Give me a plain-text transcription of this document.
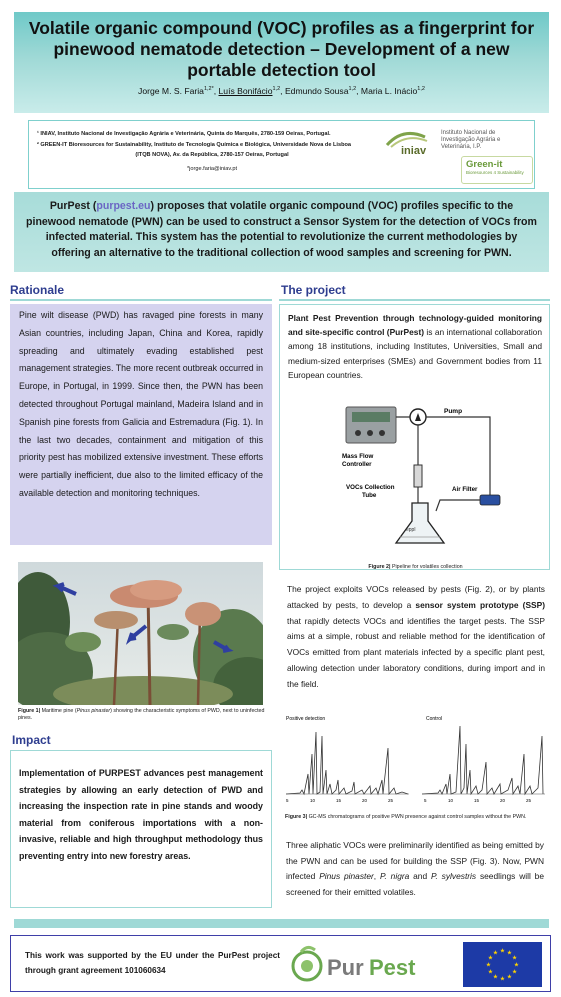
Volatile organic compound (VOC) profiles as a fingerprint for pinewood nematode detection – Development of a new portable detection tool
Jorge M. S. Faria$^{1,2*}$, Luís Bonifácio$^{1,2}$, Edmundo Sousa$^{1,2}$, Maria L. Inácio$^{1,2}$
¹ INIAV, Instituto Nacional de Investigação Agrária e Veterinária, Quinta do Marquês, 2780-159 Oeiras, Portugal.
² GREEN-IT Bioresources for Sustainability, Instituto de Tecnologia Química e Biológica, Universidade Nova de Lisboa
(ITQB NOVA), Av. da República, 2780-157 Oeiras, Portugal
*jorge.faria@iniav.pt
iniav
Instituto Nacional de
Investigação Agrária e
Veterinária, I.P.
Green-it
Bioresources 4 Sustainability
PurPest (purpest.eu) proposes that volatile organic compound (VOC) profiles specific to the pinewood nematode (PWN) can be used to construct a Sensor System for the detection of VOCs from infected material. This system has the potential to revolutionize the current methodologies by offering an alternative to the traditional collection of wood samples and screening for PWN.
Rationale
Pine wilt disease (PWD) has ravaged pine forests in many Asian countries, including Japan, China and Korea, rapidly spreading and ultimately evading established pest management strategies. The more recent outbreak occurred in Europe, in Portugal, in 1999. Since then, the PWN has been detected throughout Portugal mainland, Madeira Island and in Spanish pine forests from Galicia and Estremadura (Fig. 1). In the last two decades, containment and mitigation of this priority pest has mobilized extensive investment. These efforts were partially inefficient, due also to the limited efficacy of the available detection and monitoring techniques.
Figure 1| Maritime pine (Pinus pinaster) showing the characteristic symptoms of PWD, next to uninfected pines.
Impact
Implementation of PURPEST advances pest management strategies by allowing an early detection of PWD and increasing the inspection rate in pine stands and woody material from coniferous importations with a non-invasive, reliable and high throughput methodology thus preventing entry into new forestry areas.
The project
Plant Pest Prevention through technology-guided monitoring and site-specific control (PurPest) is an international collaboration among 18 institutions, including Institutes, Universities, Small and medium-sized enterprises (SMEs) and Government bodies from 11 European countries.
Pump
Mass Flow
Controller
VOCs Collection
Tube
Air Filter
eppl
Figure 2| Pipeline for volatiles collection
The project exploits VOCs released by pests (Fig. 2), or by plants attacked by pests, to develop a sensor system prototype (SSP) that rapidly detects VOCs and identifies the target pests. The SSP aims at a simple, robust and reliable method for the identification of VOCs emitted from plant materials infected by a specific plant pest, allowing detection under laboratory conditions, during import and in the field.
Positive detection
5	10	15	20	25
Control
5	10	15	20	25
Figure 3| GC-MS chromatograms of positive PWN presence against control samples without the PWN.
Three aliphatic VOCs were preliminarily identified as being emitted by the PWN and can be used for building the SSP (Fig. 3). Now, PWN infected Pinus pinaster, P. nigra and P. sylvestris seedlings will be screened for their emitted volatiles.
This work was supported by the EU under the PurPest project through grant agreement 101060634	Pur Pest
★ ★
★
★
★
★
★
★
★
★
★
★
